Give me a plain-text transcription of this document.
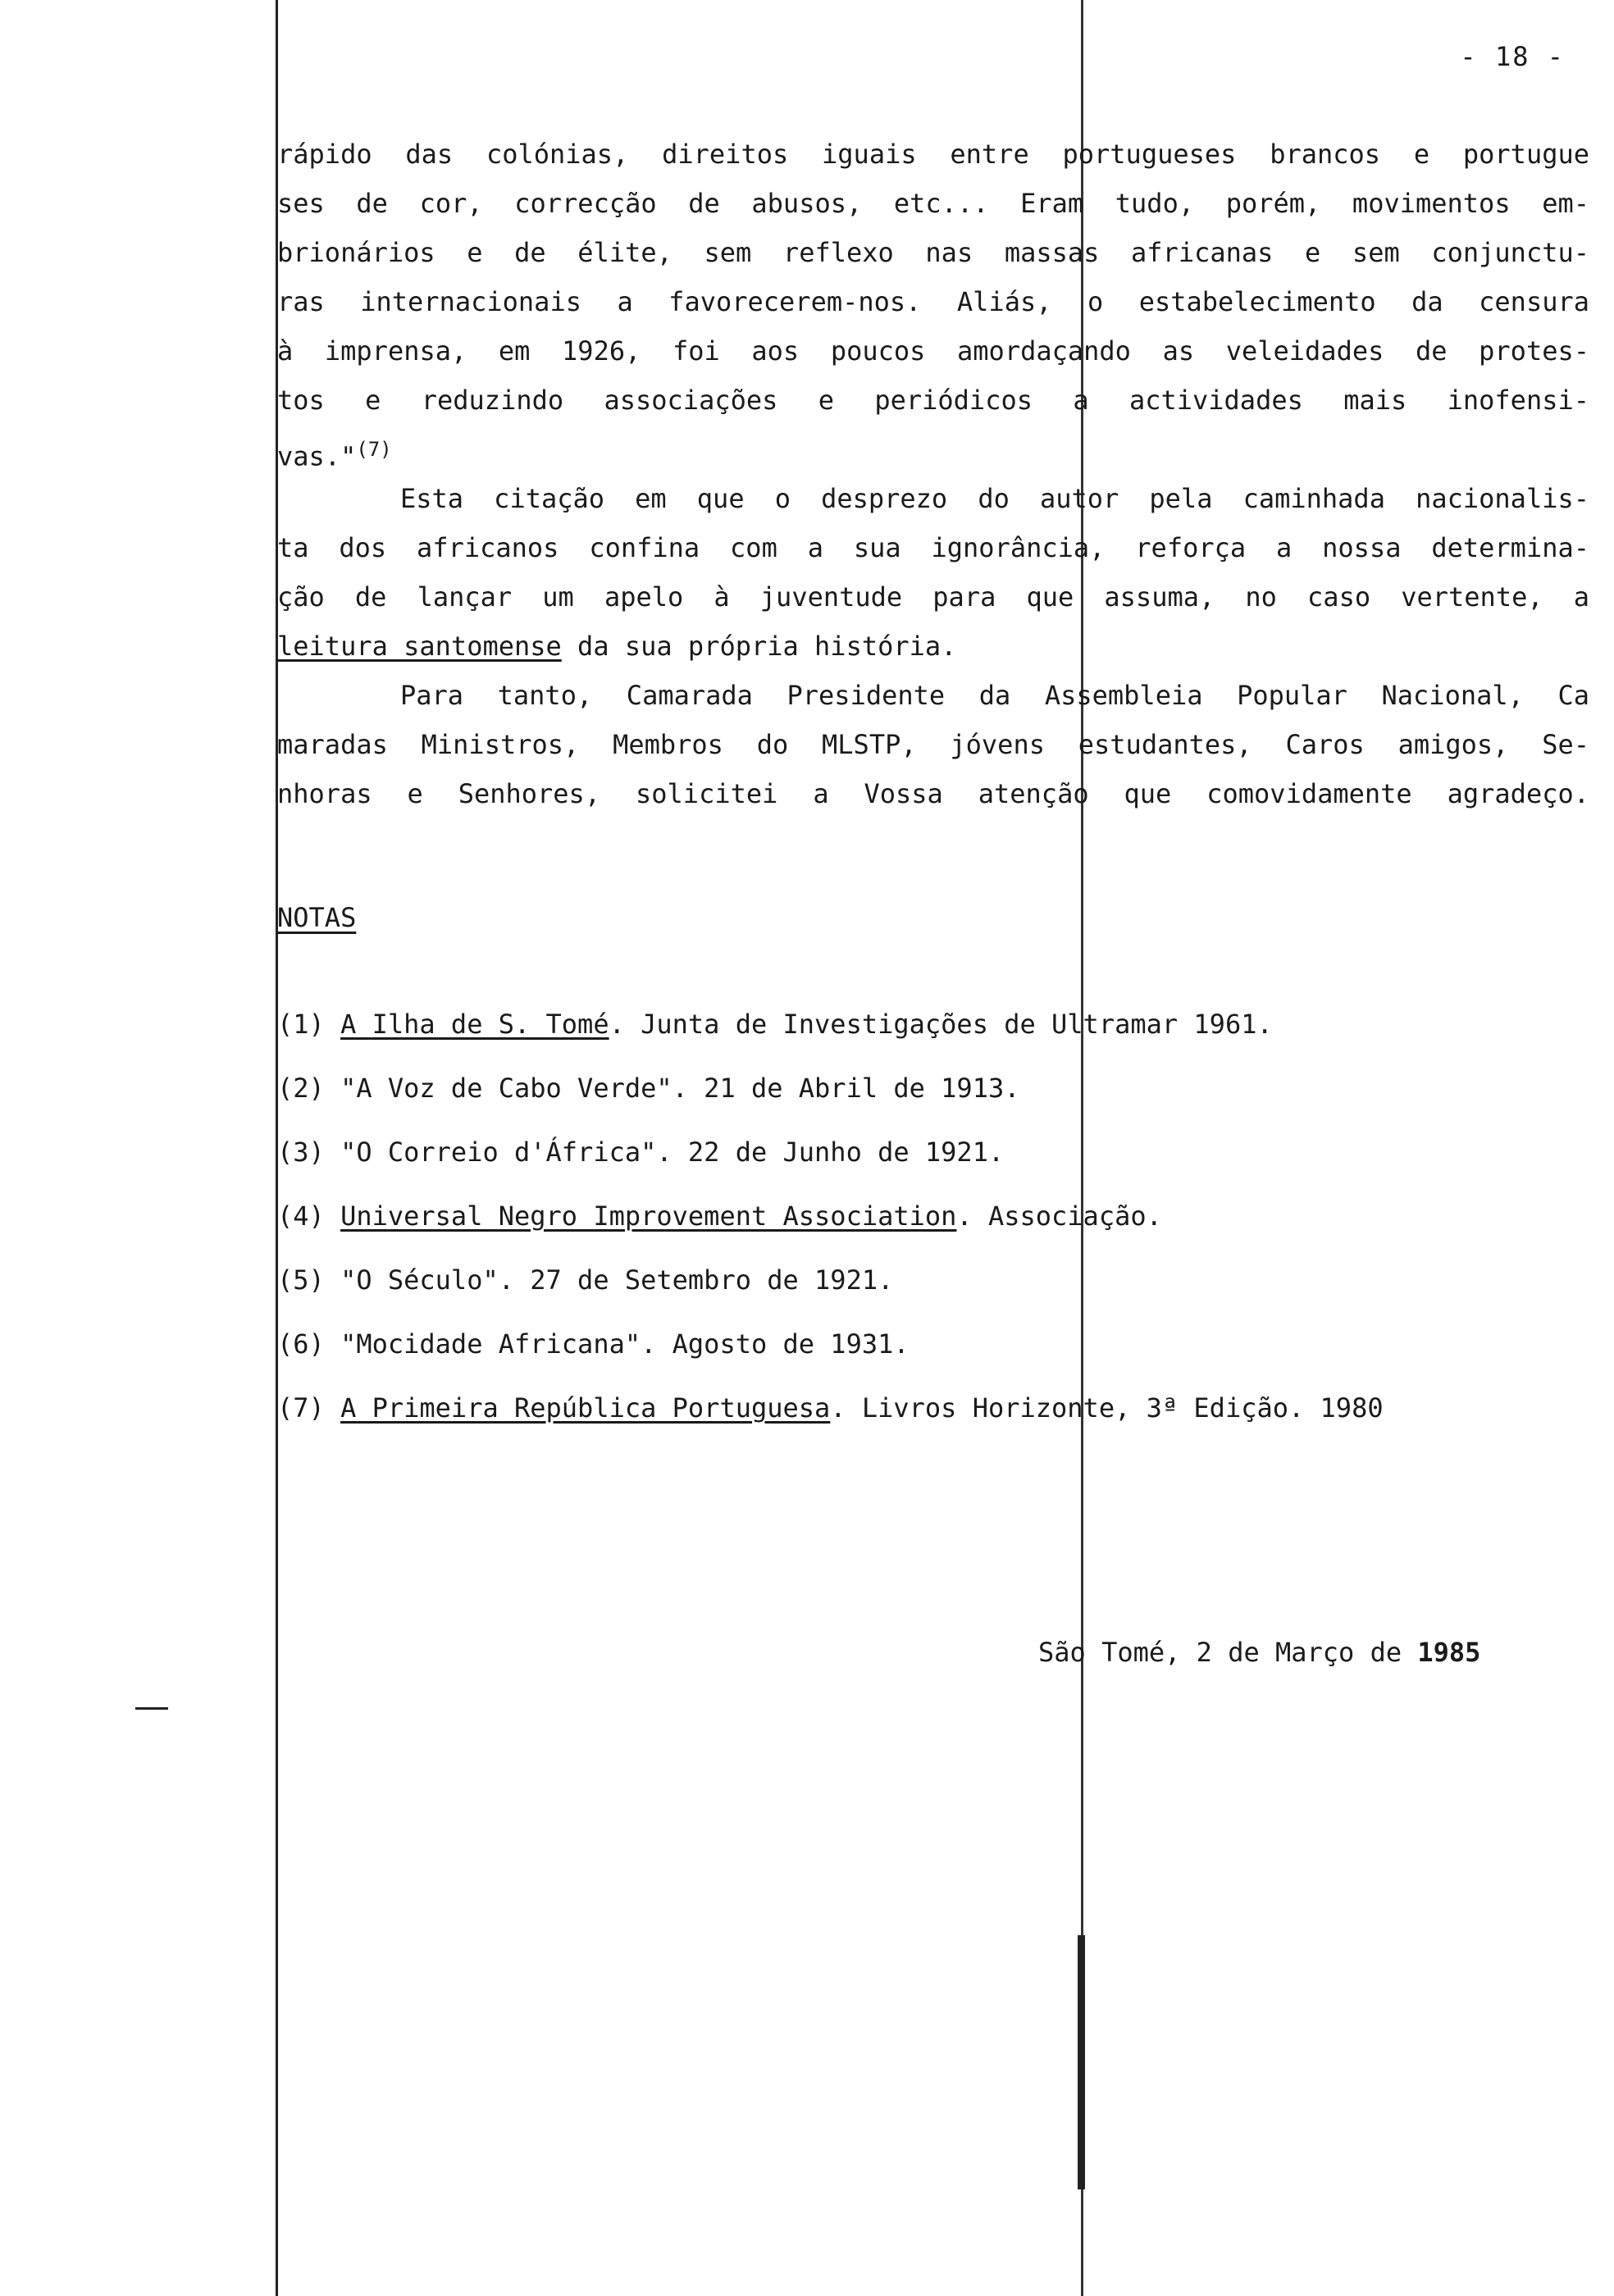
- 18 -
rápido das colónias, direitos iguais entre portugueses brancos e portugue
ses de cor, correcção de abusos, etc... Eram tudo, porém, movimentos em-
brionários e de élite, sem reflexo nas massas africanas e sem conjunctu-
ras internacionais a favorecerem-nos. Aliás, o estabelecimento da censura
à imprensa, em 1926, foi aos poucos amordaçando as veleidades de protes-
tos e reduzindo associações e periódicos a actividades mais inofensi-
vas."$^{(7)}$
Esta citação em que o desprezo do autor pela caminhada nacionalis-
ta dos africanos confina com a sua ignorância, reforça a nossa determina-
ção de lançar um apelo à juventude para que assuma, no caso vertente, a
leitura santomense da sua própria história.
Para tanto, Camarada Presidente da Assembleia Popular Nacional, Ca
maradas Ministros, Membros do MLSTP, jóvens estudantes, Caros amigos, Se-
nhoras e Senhores, solicitei a Vossa atenção que comovidamente agradeço.
NOTAS
(1) A Ilha de S. Tomé. Junta de Investigações de Ultramar 1961.
(2) "A Voz de Cabo Verde". 21 de Abril de 1913.
(3) "O Correio d'África". 22 de Junho de 1921.
(4) Universal Negro Improvement Association. Associação.
(5) "O Século". 27 de Setembro de 1921.
(6) "Mocidade Africana". Agosto de 1931.
(7) A Primeira República Portuguesa. Livros Horizonte, 3ª Edição. 1980
São Tomé, 2 de Março de 1985
